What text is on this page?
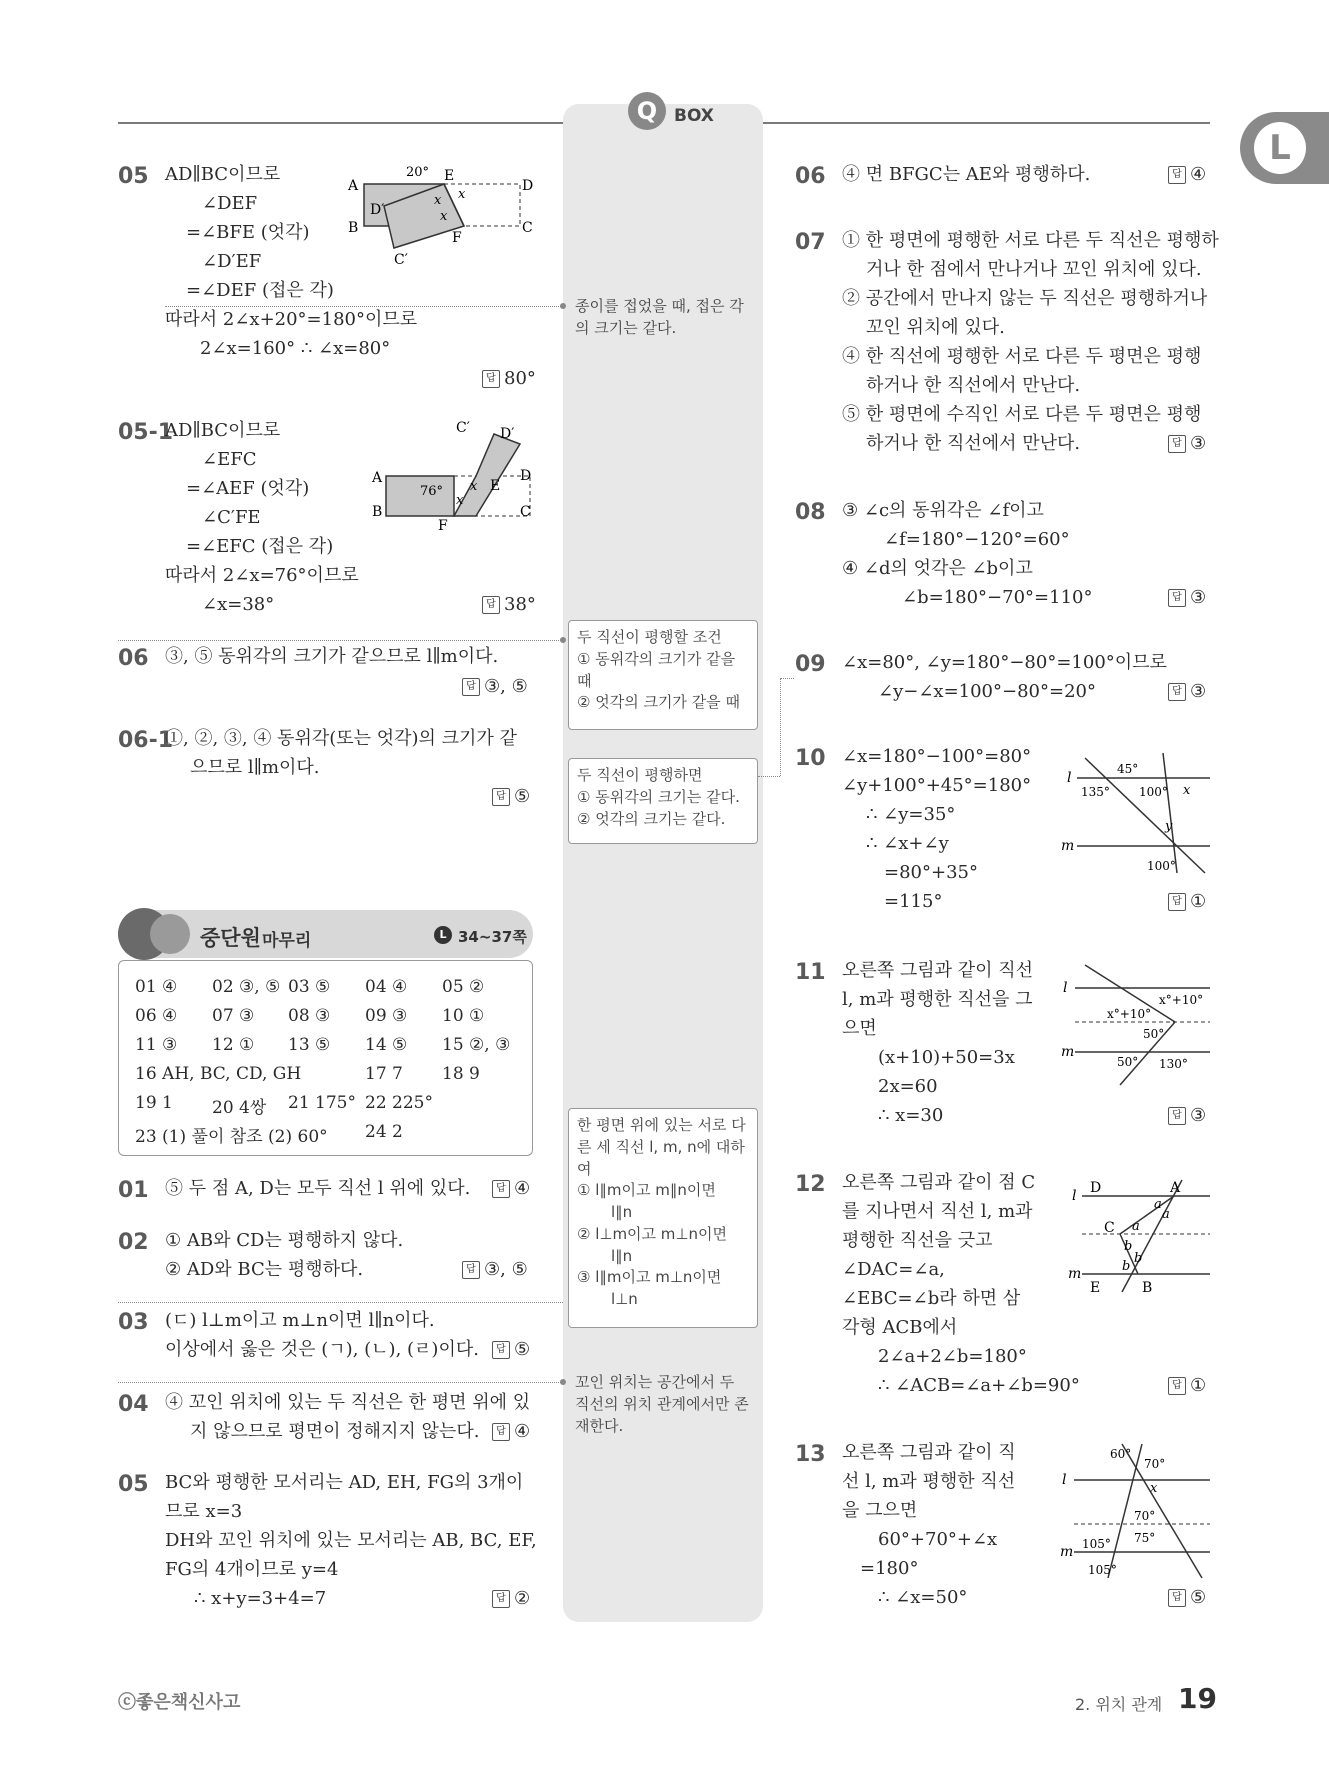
Q BOX
L
05 AD∥BC이므로
∠DEF
=∠BFE (엇각)
∠D′EF
=∠DEF (접은 각)
따라서 2∠x+20°=180°이므로
2∠x=160° ∴ ∠x=80°
답 80°
A
B
D
C
E
F
D′
C′
20°
x x
x
05-1
AD∥BC이므로
∠EFC
=∠AEF (엇각)
∠C′FE
=∠EFC (접은 각)
따라서 2∠x=76°이므로
∠x=38°	답 38°
A
B
D
C
E
F
C′ D′
76°
x
x
06 ③, ⑤ 동위각의 크기가 같으므로 l∥m이다.
답 ③, ⑤
06-1
①, ②, ③, ④ 동위각(또는 엇각)의 크기가 같
으므로 l∥m이다.
답 ⑤
중단원 마무리	L 34~37쪽
01 ④ 02 ③, ⑤ 03 ⑤ 04 ④ 05 ②
06 ④ 07 ③ 08 ③ 09 ③ 10 ①
11 ③ 12 ① 13 ⑤ 14 ⑤ 15 ②, ③
16 AH, BC, CD, GH	17 7 18 9
19 1 20 4쌍 21 175° 22 225°
23 (1) 풀이 참조 (2) 60° 24 2
01 ⑤ 두 점 A, D는 모두 직선 l 위에 있다.	답 ④
02 ① AB와 CD는 평행하지 않다.
② AD와 BC는 평행하다.	답 ③, ⑤
03 (ㄷ) l⊥m이고 m⊥n이면 l∥n이다.
이상에서 옳은 것은 (ㄱ), (ㄴ), (ㄹ)이다.	답 ⑤
04 ④ 꼬인 위치에 있는 두 직선은 한 평면 위에 있
지 않으므로 평면이 정해지지 않는다.	답 ④
05 BC와 평행한 모서리는 AD, EH, FG의 3개이
므로 x=3
DH와 꼬인 위치에 있는 모서리는 AB, BC, EF,
FG의 4개이므로 y=4
∴ x+y=3+4=7	답 ②
종이를 접었을 때, 접은 각의 크기는 같다.
두 직선이 평행할 조건
① 동위각의 크기가 같을 때
② 엇각의 크기가 같을 때
두 직선이 평행하면
① 동위각의 크기는 같다.
② 엇각의 크기는 같다.
한 평면 위에 있는 서로 다른 세 직선 l, m, n에 대하여
① l∥m이고 m∥n이면
l∥n
② l⊥m이고 m⊥n이면
l∥n
③ l∥m이고 m⊥n이면
l⊥n
꼬인 위치는 공간에서 두 직선의 위치 관계에서만 존재한다.
06 ④ 면 BFGC는 AE와 평행하다.	답 ④
07 ① 한 평면에 평행한 서로 다른 두 직선은 평행하
거나 한 점에서 만나거나 꼬인 위치에 있다.
② 공간에서 만나지 않는 두 직선은 평행하거나
꼬인 위치에 있다.
④ 한 직선에 평행한 서로 다른 두 평면은 평행
하거나 한 직선에서 만난다.
⑤ 한 평면에 수직인 서로 다른 두 평면은 평행
하거나 한 직선에서 만난다.	답 ③
08 ③ ∠c의 동위각은 ∠f이고
∠f=180°−120°=60°
④ ∠d의 엇각은 ∠b이고
∠b=180°−70°=110°	답 ③
09 ∠x=80°, ∠y=180°−80°=100°이므로
∠y−∠x=100°−80°=20°	답 ③
10 ∠x=180°−100°=80°
∠y+100°+45°=180°
∴ ∠y=35°
∴ ∠x+∠y
=80°+35°
=115°	답 ①
l
m
135°
45°
100° x
y
100°
11 오른쪽 그림과 같이 직선
l, m과 평행한 직선을 그
으면
(x+10)+50=3x
2x=60
∴ x=30	답 ③
l
m
x°+10°
x°+10°
50°
50° 130°
12 오른쪽 그림과 같이 점 C
를 지나면서 직선 l, m과
평행한 직선을 긋고
∠DAC=∠a,
∠EBC=∠b라 하면 삼
각형 ACB에서
2∠a+2∠b=180°
∴ ∠ACB=∠a+∠b=90°	답 ①
l
m
D	A
C
E	B
a
a
a
b
b
b
13 오른쪽 그림과 같이 직
선 l, m과 평행한 직선
을 그으면
60°+70°+∠x
=180°
∴ ∠x=50°	답 ⑤
l
m
60°
70°
x
70°
105° 75°
105°
ⓒ좋은책신사고	2. 위치 관계 19
